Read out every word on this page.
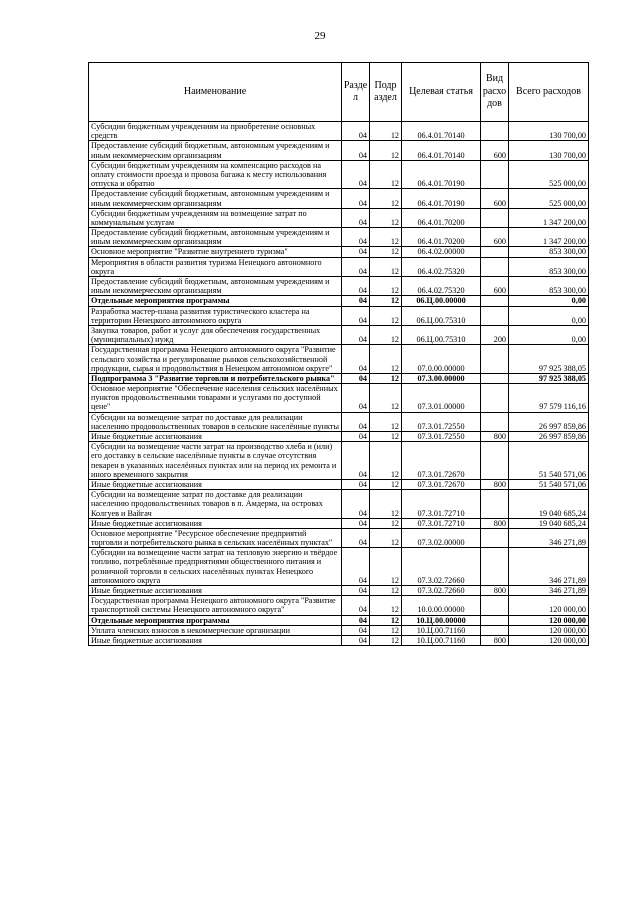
29
Наименование	Разде л	Подр аздел	Целевая статья	Вид расхо дов	Всего расходов
Субсидии бюджетным учреждениям на приобретение основных средств	04	12	06.4.01.70140		130 700,00
Предоставление субсидий бюджетным, автономным учреждениям и иным некоммерческим организациям	04	12	06.4.01.70140	600	130 700,00
Субсидии бюджетным учреждениям на компенсацию расходов на оплату стоимости проезда и провоза багажа к месту использования отпуска и обратно	04	12	06.4.01.70190		525 000,00
Предоставление субсидий бюджетным, автономным учреждениям и иным некоммерческим организациям	04	12	06.4.01.70190	600	525 000,00
Субсидии бюджетным учреждениям на возмещение затрат по коммунальным услугам	04	12	06.4.01.70200		1 347 200,00
Предоставление субсидий бюджетным, автономным учреждениям и иным некоммерческим организациям	04	12	06.4.01.70200	600	1 347 200,00
Основное мероприятие "Развитие внутреннего туризма"	04	12	06.4.02.00000		853 300,00
Мероприятия в области развития туризма Ненецкого автономного округа	04	12	06.4.02.75320		853 300,00
Предоставление субсидий бюджетным, автономным учреждениям и иным некоммерческим организациям	04	12	06.4.02.75320	600	853 300,00
Отдельные мероприятия программы	04	12	06.Ц.00.00000		0,00
Разработка мастер-плана развития туристического кластера на территории Ненецкого автономного округа	04	12	06.Ц.00.75310		0,00
Закупка товаров, работ и услуг для обеспечения государственных (муниципальных) нужд	04	12	06.Ц.00.75310	200	0,00
Государственная программа Ненецкого автономного округа "Развитие сельского хозяйства и регулирование рынков сельскохозяйственной продукции, сырья и продовольствия в Ненецком автономном округе"	04	12	07.0.00.00000		97 925 388,05
Подпрограмма 3 "Развитие торговли и потребительского рынка"	04	12	07.3.00.00000		97 925 388,05
Основное мероприятие "Обеспечение населения сельских населённых пунктов продовольственными товарами и услугами по доступной цене"	04	12	07.3.01.00000		97 579 116,16
Субсидии на возмещение затрат по доставке для реализации населению продовольственных товаров в сельские населённые пункты	04	12	07.3.01.72550		26 997 859,86
Иные бюджетные ассигнования	04	12	07.3.01.72550	800	26 997 859,86
Субсидии на возмещение части затрат на производство хлеба и (или) его доставку в сельские населённые пункты в случае отсутствия пекарен в указанных населённых пунктах или на период их ремонта и иного временного закрытия	04	12	07.3.01.72670		51 540 571,06
Иные бюджетные ассигнования	04	12	07.3.01.72670	800	51 540 571,06
Субсидии на возмещение затрат по доставке для реализации населению продовольственных товаров в п. Амдерма, на островах Колгуев и Вайгач	04	12	07.3.01.72710		19 040 685,24
Иные бюджетные ассигнования	04	12	07.3.01.72710	800	19 040 685,24
Основное мероприятие "Ресурсное обеспечение предприятий торговли и потребительского рынка в сельских населённых пунктах"	04	12	07.3.02.00000		346 271,89
Субсидии на возмещение части затрат на тепловую энергию и твёрдое топливо, потреблённые предприятиями общественного питания и розничной торговли в сельских населённых пунктах Ненецкого автономного округа	04	12	07.3.02.72660		346 271,89
Иные бюджетные ассигнования	04	12	07.3.02.72660	800	346 271,89
Государственная программа Ненецкого автономного округа "Развитие транспортной системы Ненецкого автономного округа"	04	12	10.0.00.00000		120 000,00
Отдельные мероприятия программы	04	12	10.Ц.00.00000		120 000,00
Уплата членских взносов в некоммерческие организации	04	12	10.Ц.00.71160		120 000,00
Иные бюджетные ассигнования	04	12	10.Ц.00.71160	800	120 000,00
